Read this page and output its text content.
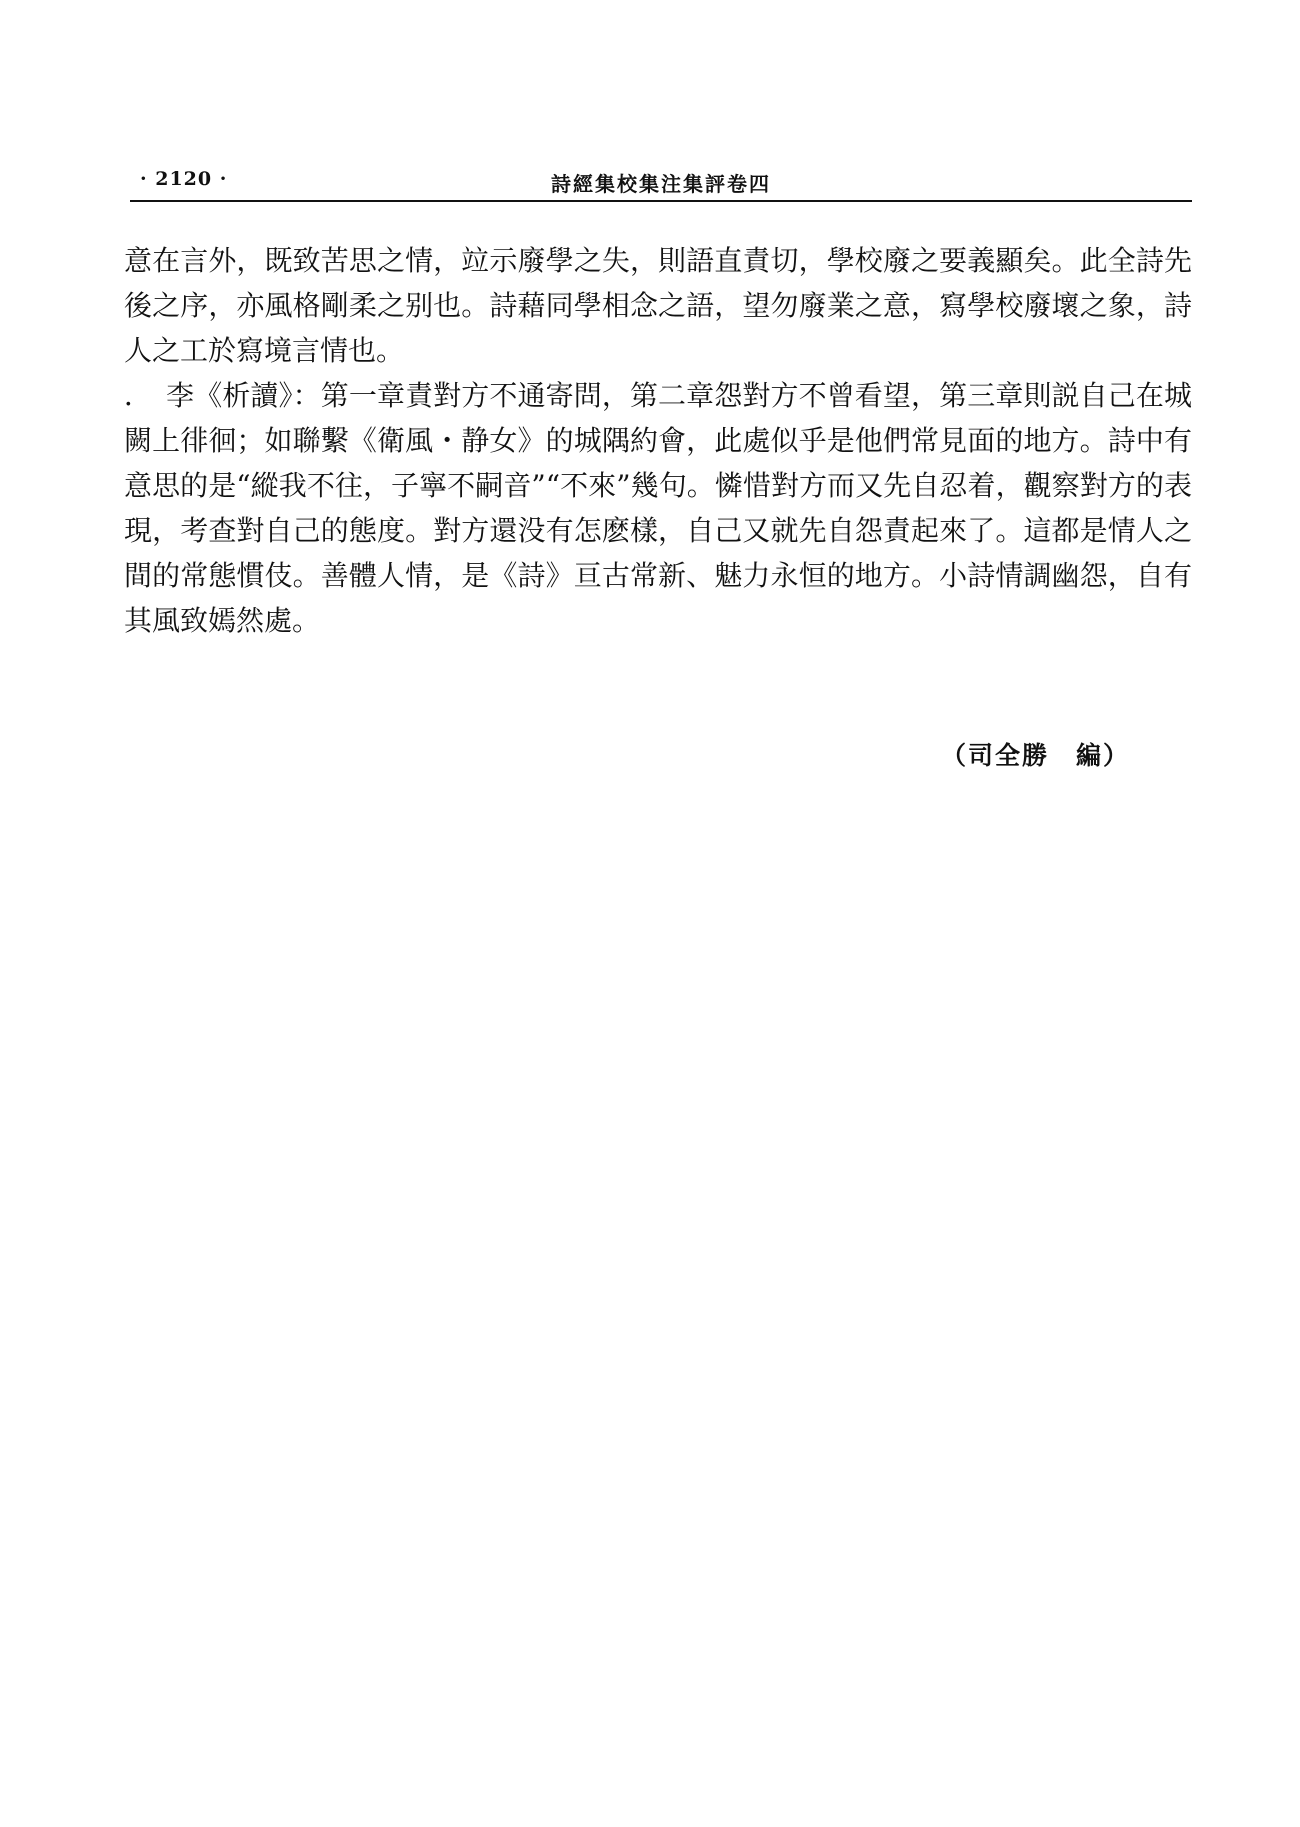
· 2120 ·	詩經集校集注集評卷四

意在言外，既致苦思之情，竝示廢學之失，則語直責切，學校廢之要義顯矣。此全詩先後之序，亦風格剛柔之别也。詩藉同學相念之語，望勿廢業之意，寫學校廢壞之象，詩人之工於寫境言情也。

． 李《析讀》：第一章責對方不通寄問，第二章怨對方不曾看望，第三章則説自己在城闕上徘徊；如聯繫《衛風・静女》的城隅約會，此處似乎是他們常見面的地方。詩中有意思的是“縱我不往，子寧不嗣音”“不來”幾句。憐惜對方而又先自忍着，觀察對方的表現，考查對自己的態度。對方還没有怎麽樣，自己又就先自怨責起來了。這都是情人之間的常態慣伎。善體人情，是《詩》亘古常新、魅力永恒的地方。小詩情調幽怨，自有其風致嫣然處。

（司全勝　編）
